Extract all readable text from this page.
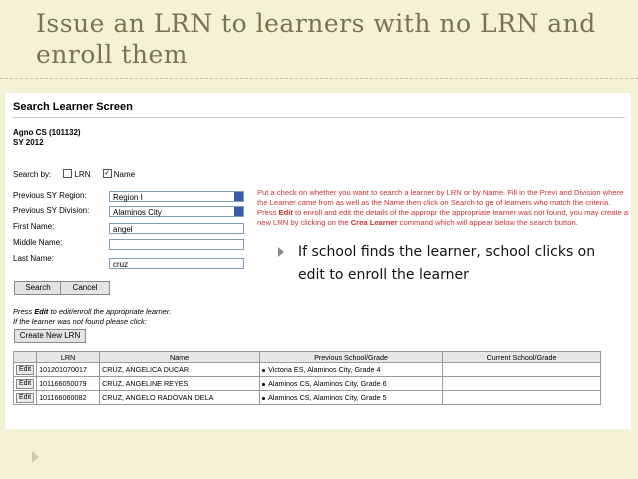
Issue an LRN to learners with no LRN and enroll them
Search Learner Screen
Agno CS (101132)
SY 2012
Search by:	LRN ✓ Name
Previous SY Region:	Region I
Previous SY Division:	Alaminos City
First Name:	angel
Middle Name:
Last Name:
cruz
Search	Cancel
Put a check on whether you want to search a learner by LRN or by Name. Fill in the Previ and Division where the Learner came from as well as the Name then click on Search to ge of learners who match the criteria. Press Edit to enroll and edit the details of the appropr the appropriate learner was not found, you may create a new LRN by clicking on the Crea Learner command which will appear below the search button.
Press Edit to edit/enroll the appropriate learner.
If the learner was not found please click:
Create New LRN
	LRN	Name	Previous School/Grade	Current School/Grade
Edit	101201070017	CRUZ, ANGELICA DUCAR	Victoria ES, Alaminos City, Grade 4	
Edit	101166050079	CRUZ, ANGELINE REYES	Alaminos CS, Alaminos City, Grade 6	
Edit	101166060082	CRUZ, ANGELO RADOVAN DELA	Alaminos CS, Alaminos City, Grade 5	
If school finds the learner, school clicks on edit to enroll the learner
